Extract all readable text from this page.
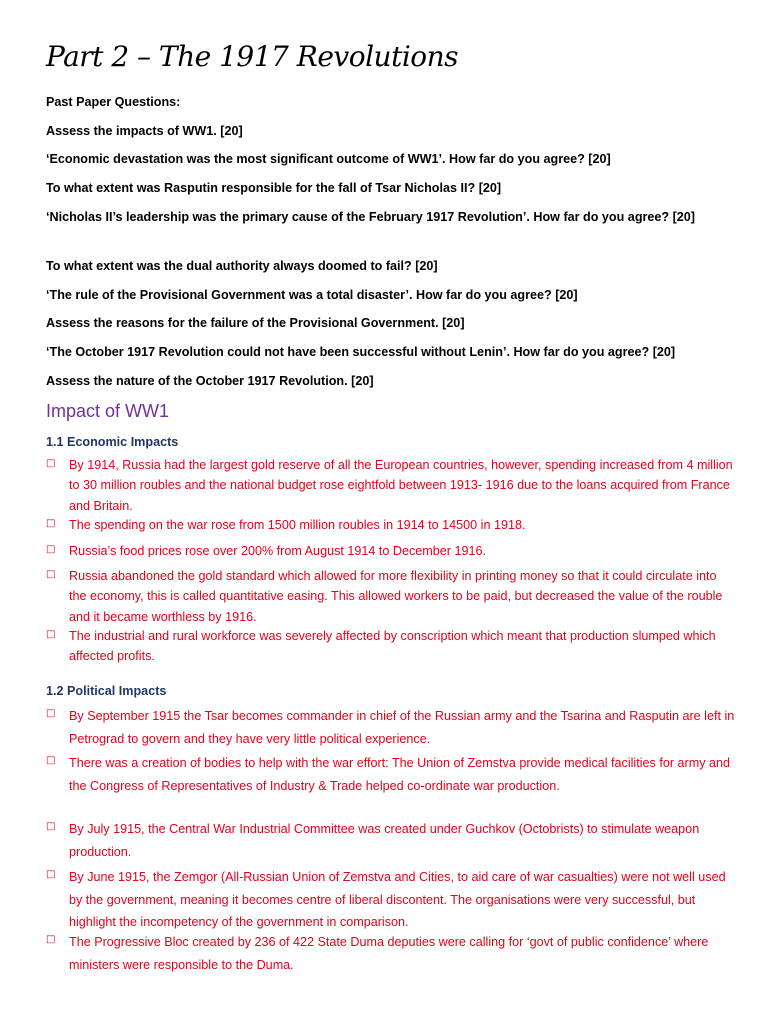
Part 2 – The 1917 Revolutions
Past Paper Questions:
Assess the impacts of WW1. [20]
‘Economic devastation was the most significant outcome of WW1’. How far do you agree? [20]
To what extent was Rasputin responsible for the fall of Tsar Nicholas II? [20]
‘Nicholas II’s leadership was the primary cause of the February 1917 Revolution’. How far do you agree? [20]
To what extent was the dual authority always doomed to fail? [20]
‘The rule of the Provisional Government was a total disaster’. How far do you agree? [20]
Assess the reasons for the failure of the Provisional Government. [20]
‘The October 1917 Revolution could not have been successful without Lenin’. How far do you agree? [20]
Assess the nature of the October 1917 Revolution. [20]
Impact of WW1
1.1 Economic Impacts
□	By 1914, Russia had the largest gold reserve of all the European countries, however, spending increased from 4 million to 30 million roubles and the national budget rose eightfold between 1913- 1916 due to the loans acquired from France and Britain.
□	The spending on the war rose from 1500 million roubles in 1914 to 14500 in 1918.
□	Russia’s food prices rose over 200% from August 1914 to December 1916.
□	Russia abandoned the gold standard which allowed for more flexibility in printing money so that it could circulate into the economy, this is called quantitative easing. This allowed workers to be paid, but decreased the value of the rouble and it became worthless by 1916.
□	The industrial and rural workforce was severely affected by conscription which meant that production slumped which affected profits.
1.2 Political Impacts
□	By September 1915 the Tsar becomes commander in chief of the Russian army and the Tsarina and Rasputin are left in Petrograd to govern and they have very little political experience.
□	There was a creation of bodies to help with the war effort: The Union of Zemstva provide medical facilities for army and the Congress of Representatives of Industry & Trade helped co-ordinate war production.
□	By July 1915, the Central War Industrial Committee was created under Guchkov (Octobrists) to stimulate weapon production.
□	By June 1915, the Zemgor (All-Russian Union of Zemstva and Cities, to aid care of war casualties) were not well used by the government, meaning it becomes centre of liberal discontent. The organisations were very successful, but highlight the incompetency of the government in comparison.
□	The Progressive Bloc created by 236 of 422 State Duma deputies were calling for ‘govt of public confidence’ where ministers were responsible to the Duma.
